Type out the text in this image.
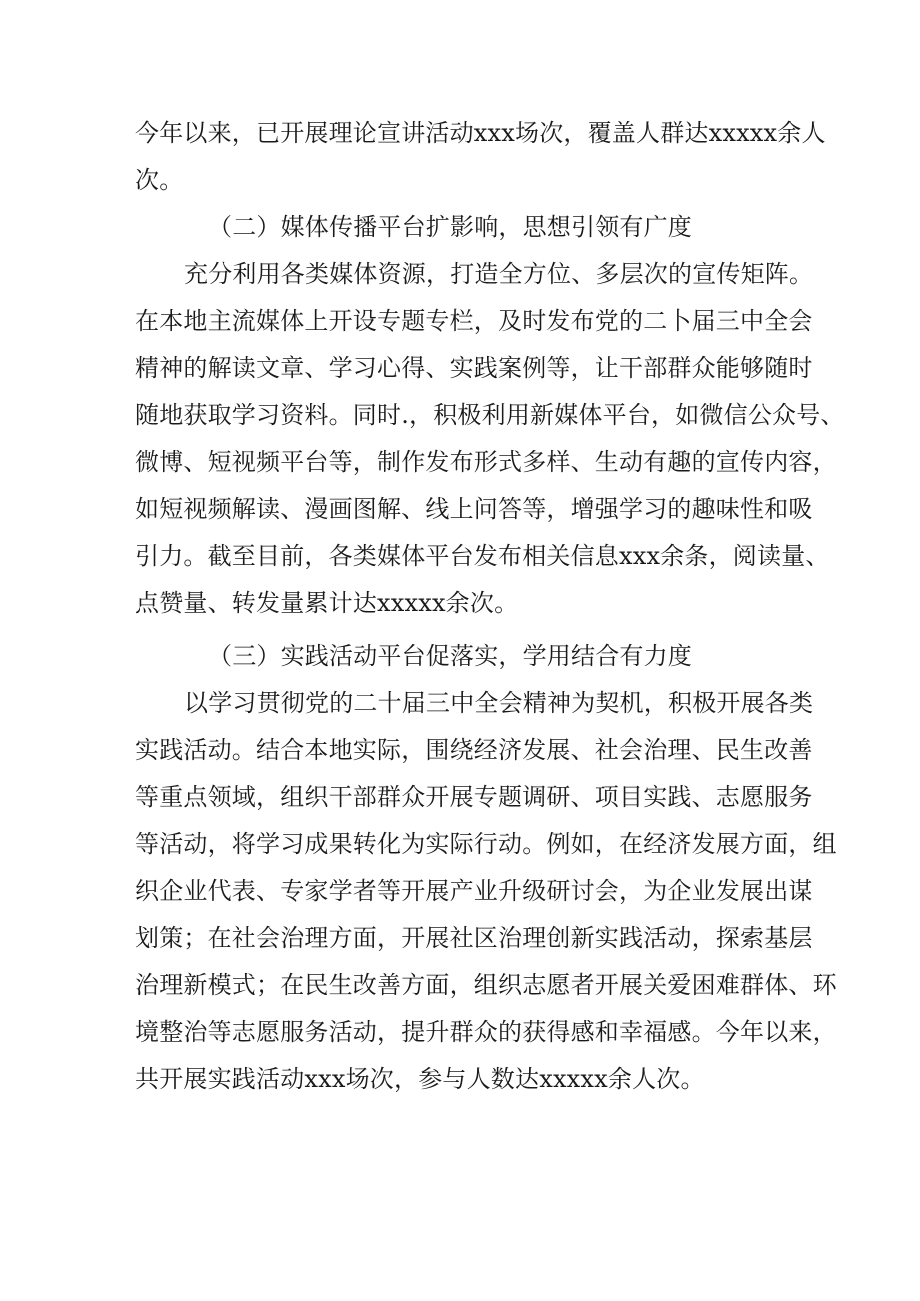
今年以来，已开展理论宣讲活动xxx场次，覆盖人群达xxxxx余人

次。

（二）媒体传播平台扩影响，思想引领有广度

充分利用各类媒体资源，打造全方位、多层次的宣传矩阵。

在本地主流媒体上开设专题专栏，及时发布党的二卜届三中全会

精神的解读文章、学习心得、实践案例等，让干部群众能够随时

随地获取学习资料。同时.，积极利用新媒体平台，如微信公众号、

微博、短视频平台等，制作发布形式多样、生动有趣的宣传内容，

如短视频解读、漫画图解、线上问答等，增强学习的趣味性和吸

引力。截至目前，各类媒体平台发布相关信息xxx余条，阅读量、

点赞量、转发量累计达xxxxx余次。

（三）实践活动平台促落实，学用结合有力度

以学习贯彻党的二十届三中全会精神为契机，积极开展各类

实践活动。结合本地实际，围绕经济发展、社会治理、民生改善

等重点领域，组织干部群众开展专题调研、项目实践、志愿服务

等活动，将学习成果转化为实际行动。例如，在经济发展方面，组

织企业代表、专家学者等开展产业升级研讨会，为企业发展出谋

划策；在社会治理方面，开展社区治理创新实践活动，探索基层

治理新模式；在民生改善方面，组织志愿者开展关爱困难群体、环

境整治等志愿服务活动，提升群众的获得感和幸福感。今年以来，

共开展实践活动xxx场次，参与人数达xxxxx余人次。
